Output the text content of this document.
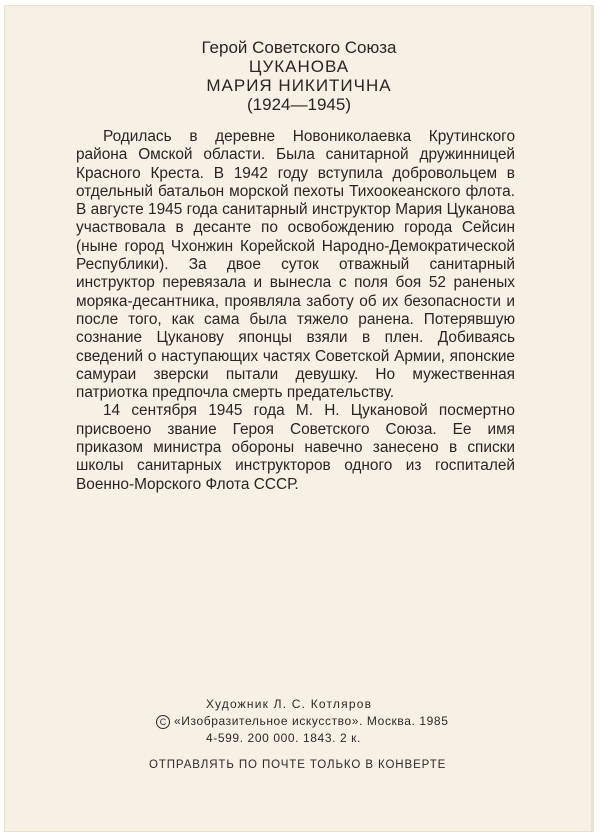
Герой Советского Союза
ЦУКАНОВА
МАРИЯ НИКИТИЧНА
(1924—1945)

Родилась в деревне Новониколаевка Крутинского района Омской области. Была санитарной дружинницей Красного Креста. В 1942 году вступила добровольцем в отдельный батальон морской пехоты Тихоокеанского флота. В августе 1945 года санитарный инструктор Мария Цуканова участвовала в десанте по освобождению города Сейсин (ныне город Чхонжин Корейской Народно-Демократической Республики). За двое суток отважный санитарный инструктор перевязала и вынесла с поля боя 52 раненых моряка-десантника, проявляла заботу об их безопасности и после того, как сама была тяжело ранена. Потерявшую сознание Цуканову японцы взяли в плен. Добиваясь сведений о наступающих частях Советской Армии, японские самураи зверски пытали девушку. Но мужественная патриотка предпочла смерть предательству.

14 сентября 1945 года М. Н. Цукановой посмертно присвоено звание Героя Советского Союза. Ее имя приказом министра обороны навечно занесено в списки школы санитарных инструкторов одного из госпиталей Военно-Морского Флота СССР.

Художник Л. С. Котляров
C «Изобразительное искусство». Москва. 1985
4-599. 200 000. 1843. 2 к.
ОТПРАВЛЯТЬ ПО ПОЧТЕ ТОЛЬКО В КОНВЕРТЕ
